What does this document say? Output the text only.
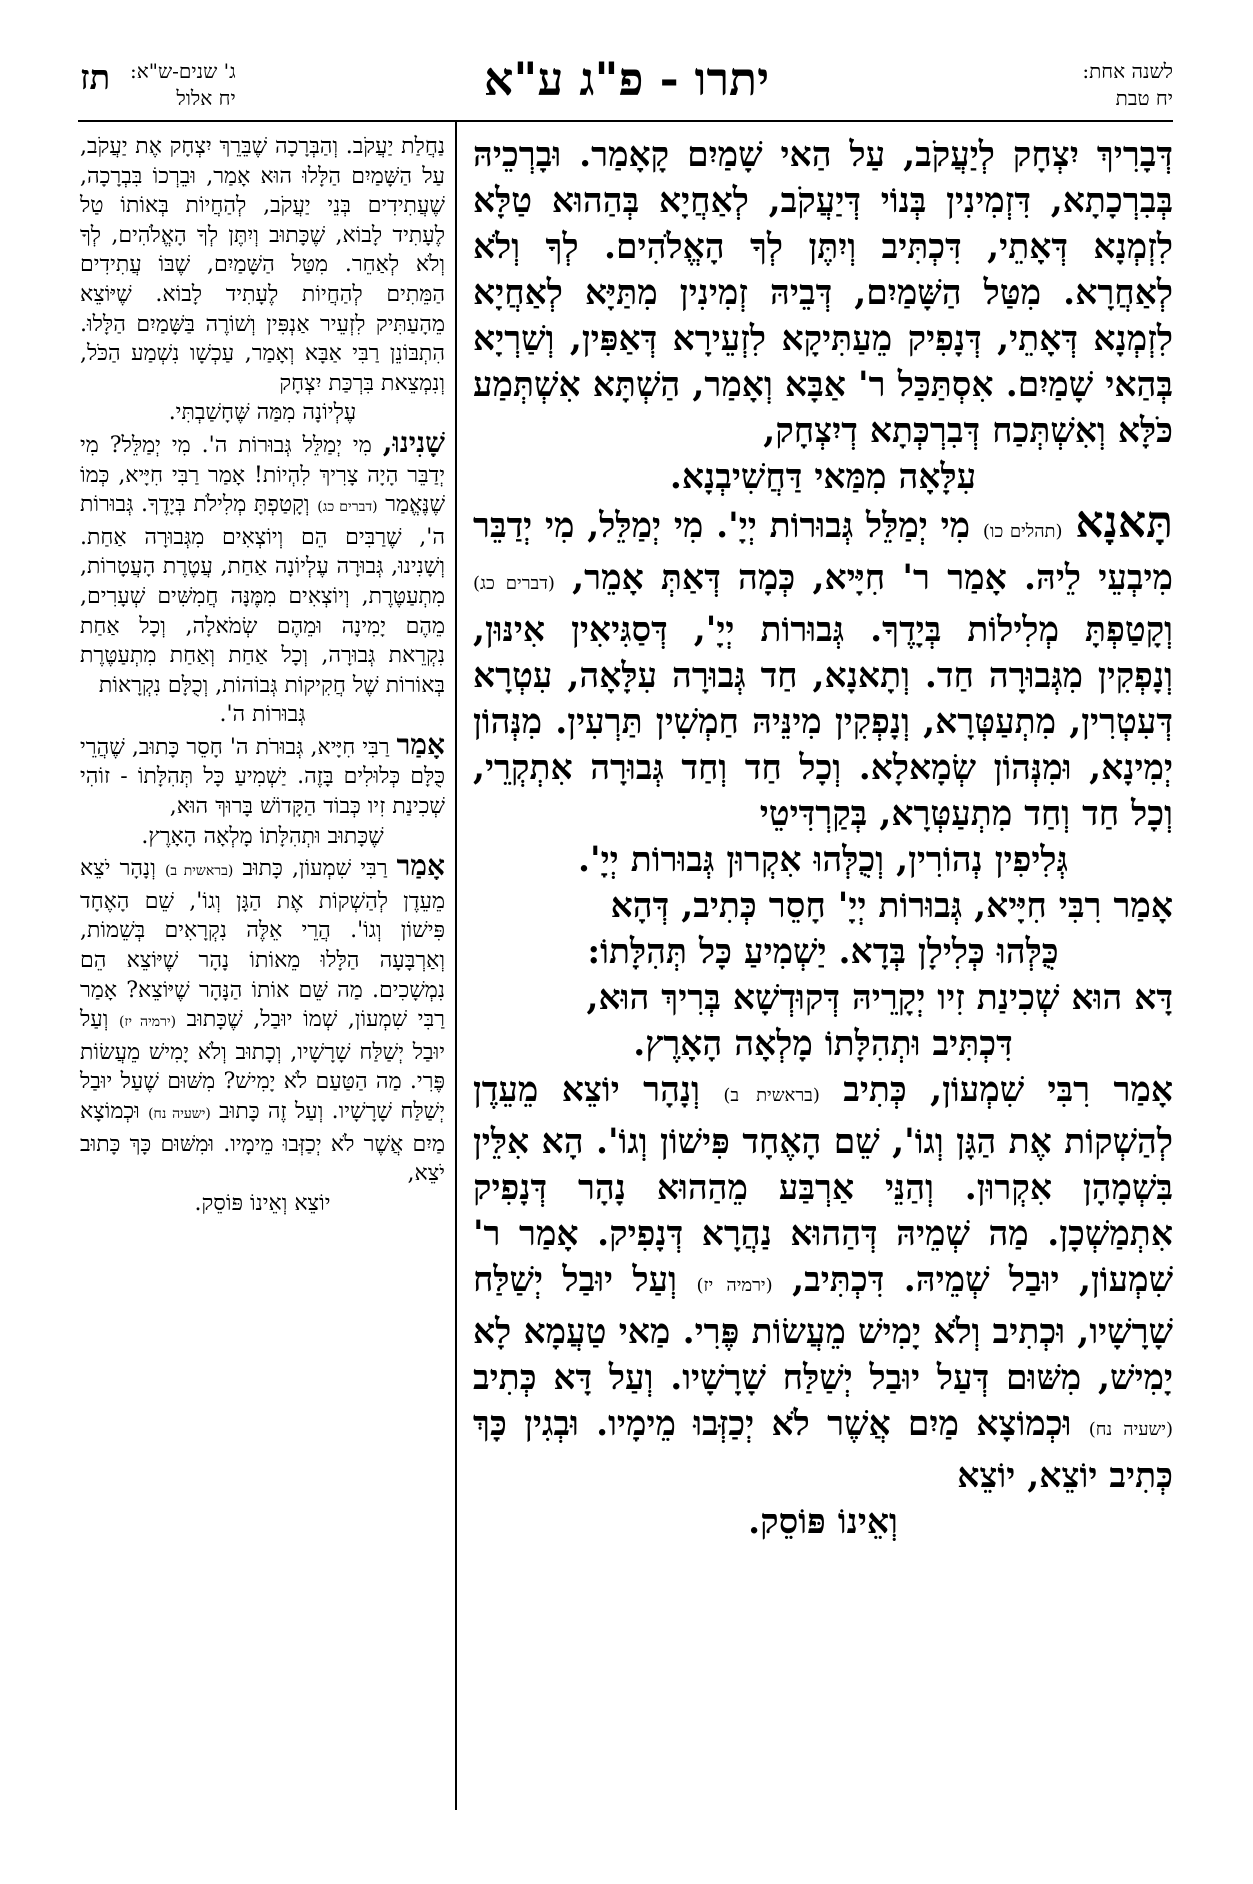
תז ג' שנים-ש"א:
יח אלול	יתרו - פ"ג ע"א	לשנה אחת:
יח טבת

דְּבָרִיךְ יִצְחָק לְיַעֲקֹב, עַל הַאי שָׁמַיִם קָאָמַר. וּבָרְכֵיהּ בְּבִרְכָתָא, דִּזְמִינִין בְּנוֹי דְּיַעֲקֹב, לְאַחֲיָא בְּהַהוּא טַלָּא לִזְמְנָא דְּאָתֵי, דִּכְתִּיב וְיִתֶּן לְךָ הָאֱלֹהִים. לְךָ וְלֹא לְאַחֲרָא. מִטַּל הַשָּׁמַיִם, דְּבֵיהּ זְמִינִין מִתַּיָּא לְאַחֲיָא לִזְמְנָא דְּאָתֵי, דְּנָפִיק מֵעַתִּיקָא לִזְעֵירָא דְּאַפִּין, וְשַׁרְיָא בְּהַאי שָׁמַיִם. אִסְתַּכַּל ר' אַבָּא וְאָמַר, הַשְׁתָּא אִשְׁתְּמַע כֹּלָּא וְאִשְׁתְּכַח דְּבִרְכְּתָא דְיִצְחָק,

עִלָּאָה מִמַּאי דַּחֲשִׁיבְנָא.

תָּאנָא (תהלים כו) מִי יְמַלֵּל גְּבוּרוֹת יְיָ'. מִי יְמַלֵּל, מִי יְדַבֵּר מִיבְעֵי לֵיהּ. אָמַר ר' חִיָּיא, כְּמָה דְּאַתְּ אָמֵר, (דברים כג) וְקָטַפְתָּ מְלִילוֹת בְּיָדֶךָ. גְּבוּרוֹת יְיָ', דְּסַגִּיאִין אִינּוּן, וְנָפְקִין מִגְּבוּרָה חַד. וְתָאנָא, חַד גְּבוּרָה עִלָּאָה, עִטְרָא דְּעִטְרִין, מִתְעַטְּרָא, וְנָפְקִין מִינֵּיהּ חַמְשִׁין תַּרְעִין. מִנְּהוֹן יְמִינָא, וּמִנְּהוֹן שְׂמָאלָא. וְכָל חַד וְחַד גְּבוּרָה אִתְקְרֵי, וְכָל חַד וְחַד מִתְעַטְּרָא, בְּקַרְדִּיטֵי

גְּלִיפִין נְהוֹרִין, וְכֻלְּהוּ אִקְרוּן גְּבוּרוֹת יְיָ'.

אָמַר רִבִּי חִיָּיא, גְּבוּרוֹת יְיָ' חָסֵר כְּתִיב, דְּהָא

כֻּלְּהוּ כְּלִילָן בְּדָא. יַשְׁמִיעַ כָּל תְּהִלָּתוֹ:

דָּא הוּא שְׁכִינַת זִיו יְקָרֵיהּ דְּקוּדְשָׁא בְּרִיךְ הוּא,

דִּכְתִּיב וּתְהִלָּתוֹ מָלְאָה הָאָרֶץ.

אָמַר רִבִּי שִׁמְעוֹן, כְּתִיב (בראשית ב) וְנָהָר יוֹצֵא מֵעֵדֶן לְהַשְׁקוֹת אֶת הַגָּן וְגוֹ', שֵׁם הָאֶחָד פִּישׁוֹן וְגוֹ'. הָא אִלֵּין בִּשְׁמָהָן אִקְרוּן. וְהַנֵּי אַרְבַּע מֵהַהוּא נָהָר דְּנָפִיק אִתְמַשְׁכָן. מַה שְׁמֵיהּ דְּהַהוּא נַהֲרָא דְּנָפִיק. אָמַר ר' שִׁמְעוֹן, יוּבַל שְׁמֵיהּ. דִּכְתִּיב, (ירמיה יז) וְעַל יוּבַל יְשַׁלַּח שָׁרָשָׁיו, וּכְתִיב וְלֹא יָמִישׁ מֵעֲשׂוֹת פֶּרִי. מַאי טַעֲמָא לָא יָמִישׁ, מִשּׁוּם דְּעַל יוּבַל יְשַׁלַּח שָׁרָשָׁיו. וְעַל דָּא כְּתִיב (ישעיה נח) וּכְמוֹצָא מַיִם אֲשֶׁר לֹא יְכַזְּבוּ מֵימָיו. וּבְגִין כָּךְ כְּתִיב יוֹצֵא, יוֹצֵא

וְאֵינוֹ פּוֹסֵק.

נַחֲלַת יַעֲקֹב. וְהַבְּרָכָה שֶׁבֵּרֵךְ יִצְחָק אֶת יַעֲקֹב, עַל הַשָּׁמַיִם הַלָּלוּ הוּא אָמַר, וּבֵרְכוֹ בִּבְרָכָה, שֶׁעֲתִידִים בְּנֵי יַעֲקֹב, לְהַחֲיוֹת בְּאוֹתוֹ טַל לֶעָתִיד לָבוֹא, שֶׁכָּתוּב וְיִתֶּן לְךָ הָאֱלֹהִים, לְךָ וְלֹא לְאַחֵר. מִטַּל הַשָּׁמַיִם, שֶׁבּוֹ עֲתִידִים הַמֵּתִים לְהַחֲיוֹת לֶעָתִיד לָבוֹא. שֶׁיּוֹצֵא מֵהָעַתִּיק לִזְעֵיר אַנְפִּין וְשׁוֹרֶה בַּשָּׁמַיִם הַלָּלוּ. הִתְבּוֹנֵן רַבִּי אַבָּא וְאָמַר, עַכְשָׁו נִשְׁמַע הַכֹּל, וְנִמְצֵאת בִּרְכַּת יִצְחָק

עֶלְיוֹנָה מִמַּה שֶּׁחָשַׁבְתִּי.

שָׁנִינוּ, מִי יְמַלֵּל גְּבוּרוֹת ה'. מִי יְמַלֵּל? מִי יְדַבֵּר הָיָה צָרִיךְ לִהְיוֹת! אָמַר רַבִּי חִיָּיא, כְּמוֹ שֶׁנֶּאֱמַר (דברים כג) וְקָטַפְתָּ מְלִילֹת בְּיָדֶךָ. גְּבוּרוֹת ה', שֶׁרַבִּים הֵם וְיוֹצְאִים מִגְּבוּרָה אַחַת. וְשָׁנִינוּ, גְּבוּרָה עֶלְיוֹנָה אַחַת, עֲטֶרֶת הָעֲטָרוֹת, מִתְעַטֶּרֶת, וְיוֹצְאִים מִמֶּנָּה חֲמִשִּׁים שְׁעָרִים, מֵהֶם יָמִינָה וּמֵהֶם שְׂמֹאלָה, וְכָל אַחַת נִקְרֵאת גְּבוּרָה, וְכָל אַחַת וְאַחַת מִתְעַטֶּרֶת בְּאוֹרוֹת שֶׁל חֲקִיקוֹת גְּבוֹהוֹת, וְכֻלָּם נִקְרָאוֹת

גְּבוּרוֹת ה'.

אָמַר רַבִּי חִיָּיא, גְּבוּרֹת ה' חָסֵר כָּתוּב, שֶׁהֲרֵי כֻּלָּם כְּלוּלִים בָּזֶה. יַשְׁמִיעַ כָּל תְּהִלָּתוֹ - זוֹהִי שְׁכִינַת זִיו כְּבוֹד הַקָּדוֹשׁ בָּרוּךְ הוּא,

שֶׁכָּתוּב וּתְהִלָּתוֹ מָלְאָה הָאָרֶץ.

אָמַר רַבִּי שִׁמְעוֹן, כָּתוּב (בראשית ב) וְנָהָר יֹצֵא מֵעֵדֶן לְהַשְׁקוֹת אֶת הַגָּן וְגוֹ', שֵׁם הָאֶחָד פִּישׁוֹן וְגוֹ'. הֲרֵי אֵלֶּה נִקְרָאִים בְּשֵׁמוֹת, וְאַרְבָּעָה הַלָּלוּ מֵאוֹתוֹ נָהָר שֶׁיּוֹצֵא הֵם נִמְשָׁכִים. מַה שֵּׁם אוֹתוֹ הַנָּהָר שֶׁיּוֹצֵא? אָמַר רַבִּי שִׁמְעוֹן, שְׁמוֹ יוּבַל, שֶׁכָּתוּב (ירמיה יז) וְעַל יוּבַל יְשַׁלַּח שָׁרָשָׁיו, וְכָתוּב וְלֹא יָמִישׁ מֵעֲשׂוֹת פֶּרִי. מַה הַטַּעַם לֹא יָמִישׁ? מִשּׁוּם שֶׁעַל יוּבַל יְשַׁלַּח שָׁרָשָׁיו. וְעַל זֶה כָּתוּב (ישעיה נח) וּכְמוֹצָא מַיִם אֲשֶׁר לֹא יְכַזְּבוּ מֵימָיו. וּמִשּׁוּם כָּךְ כָּתוּב יֹצֵא,

יוֹצֵא וְאֵינוֹ פּוֹסֵק.
